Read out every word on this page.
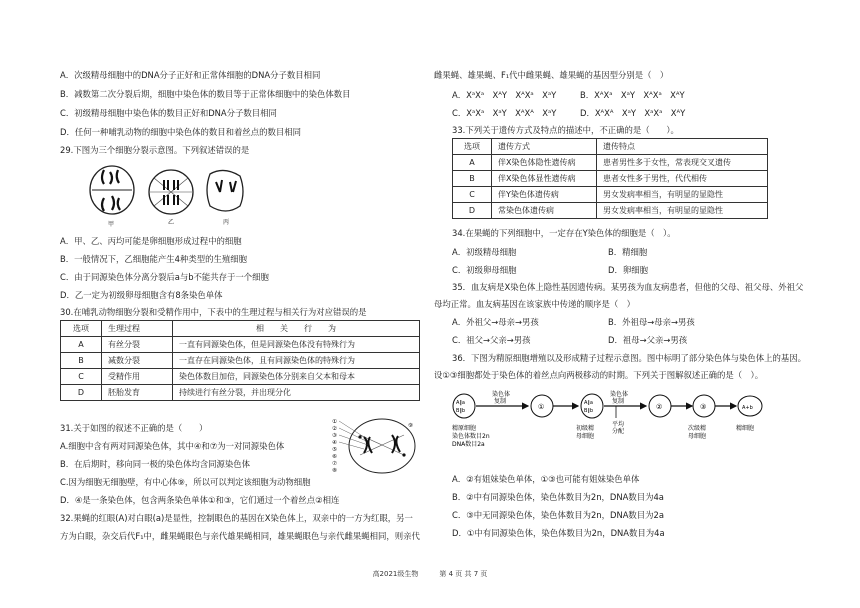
A．次级精母细胞中的DNA分子正好和正常体细胞的DNA分子数目相同
B．减数第二次分裂后期，细胞中染色体的数目等于正常体细胞中的染色体数目
C．初级精母细胞中染色体的数目正好和DNA分子数目相同
D．任何一种哺乳动物的细胞中染色体的数目和着丝点的数目相同
29.下图为三个细胞分裂示意图。下列叙述错误的是
甲	乙	丙
A．甲、乙、丙均可能是卵细胞形成过程中的细胞
B．一般情况下，乙细胞能产生4种类型的生殖细胞
C．由于同源染色体分离分裂后a与b不能共存于一个细胞
D．乙一定为初级卵母细胞含有8条染色单体
30.在哺乳动物细胞分裂和受精作用中，下表中的生理过程与相关行为对应错误的是
选项	生理过程	相　　关　　行　　为
A	有丝分裂	一直有同源染色体，但是同源染色体没有特殊行为
B	减数分裂	一直存在同源染色体，且有同源染色体的特殊行为
C	受精作用	染色体数目加倍，同源染色体分别来自父本和母本
D	胚胎发育	持续进行有丝分裂，并出现分化
31.关于如图的叙述不正确的是（　　）
A.细胞中含有两对同源染色体，其中④和⑦为一对同源染色体
B．在后期时，移向同一极的染色体均含同源染色体
C.因为细胞无细胞壁，有中心体⑨，所以可以判定该细胞为动物细胞
D．④是一条染色体，包含两条染色单体①和③，它们通过一个着丝点②相连
①
②
③
④
⑤
⑥
⑦
⑧
⑨
32.果蝇的红眼(A)对白眼(a)是显性，控制眼色的基因在X染色体上，双亲中的一方为红眼，另一
方为白眼，杂交后代F₁中，雌果蝇眼色与亲代雄果蝇相同，雄果蝇眼色与亲代雌果蝇相同，则亲代
雌果蝇、雄果蝇、F₁代中雌果蝇、雄果蝇的基因型分别是（　）
A．XᵃXᵃ　XᴬY　XᴬXᵃ　XᵃY	B．XᴬXᵃ　XᵃY　XᴬXᵃ　XᴬY
C．XᵃXᵃ　XᵃY　XᴬXᴬ　XᵃY	D．XᴬXᴬ　XᵃY　XᵃXᵃ　XᴬY
33.下列关于遗传方式及特点的描述中，不正确的是（　　）。
选项	遗传方式	遗传特点
A	伴X染色体隐性遗传病	患者男性多于女性，常表现交叉遗传
B	伴X染色体显性遗传病	患者女性多于男性，代代相传
C	伴Y染色体遗传病	男女发病率相当，有明显的显隐性
D	常染色体遗传病	男女发病率相当，有明显的显隐性
34.在果蝇的下列细胞中，一定存在Y染色体的细胞是（　）。
A．初级精母细胞	B．精细胞
C．初级卵母细胞	D．卵细胞
35．血友病是X染色体上隐性基因遗传病。某男孩为血友病患者，但他的父母、祖父母、外祖父
母均正常。血友病基因在该家族中传递的顺序是（　）
A．外祖父→母亲→男孩	B．外祖母→母亲→男孩
C．祖父→父亲→男孩	D．祖母→父亲→男孩
36．下图为精原细胞增殖以及形成精子过程示意图。图中标明了部分染色体与染色体上的基因。
设①③细胞都处于染色体的着丝点向两极移动的时期。下列关于图解叙述正确的是（　）。
A‖a
B‖b
染色体
复制
①	A∥a
B∥b
染色体
复制
平均
分配
②	③	A+b
精原细胞
染色体数目2n
DNA数目2a
初级精
母细胞
次级精
母细胞
精细胞
A．②有姐妹染色单体，①③也可能有姐妹染色单体
B．②中有同源染色体，染色体数目为2n，DNA数目为4a
C．③中无同源染色体，染色体数目为2n，DNA数目为2a
D．①中有同源染色体，染色体数目为2n，DNA数目为4a
高2021级生物　　　第 4 页 共 7 页
